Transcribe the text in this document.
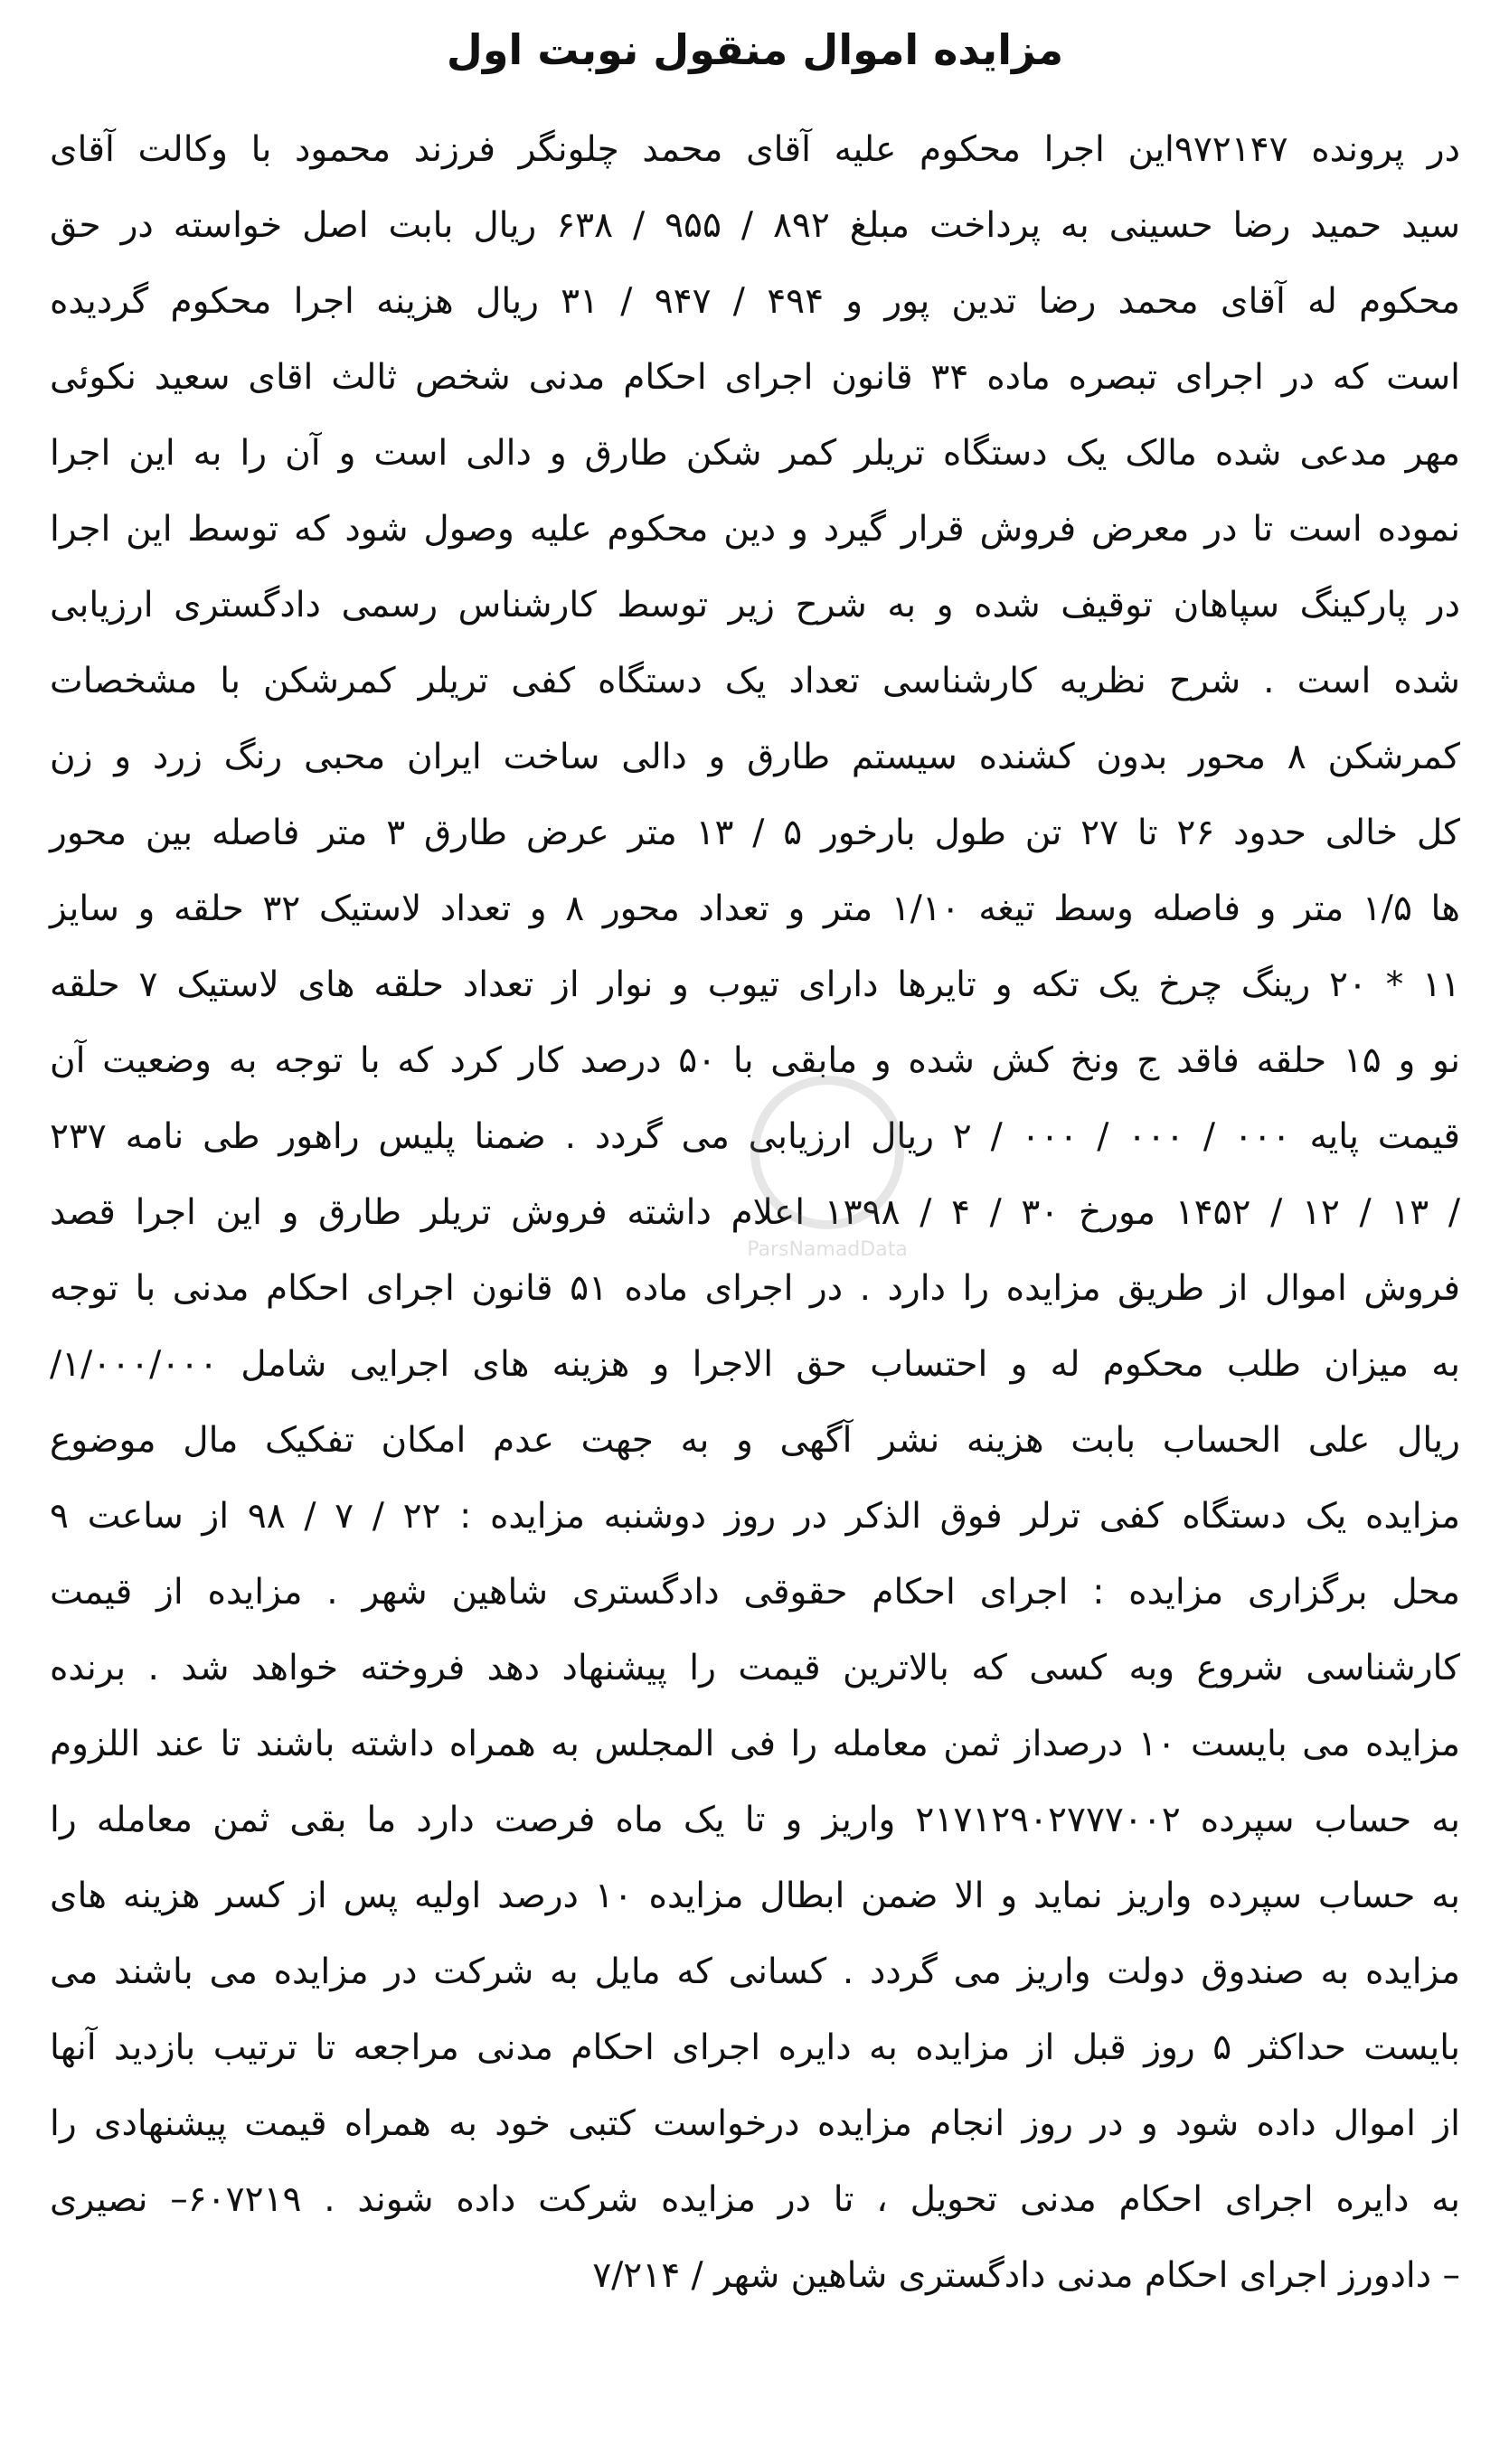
مزایده اموال منقول نوبت اول
در پرونده ۹۷۲۱۴۷این اجرا محکوم علیه آقای محمد چلونگر فرزند محمود با وکالت آقای
سید حمید رضا حسینی به پرداخت مبلغ ۸۹۲ / ۹۵۵ / ۶۳۸ ریال بابت اصل خواسته در حق
محکوم له آقای محمد رضا تدین پور و ۴۹۴ / ۹۴۷ / ۳۱ ریال هزینه اجرا محکوم گردیده
است که در اجرای تبصره ماده ۳۴ قانون اجرای احکام مدنی شخص ثالث اقای سعید نکوئی
مهر مدعی شده مالک یک دستگاه تریلر کمر شکن طارق و دالی است و آن را به این اجرا
نموده است تا در معرض فروش قرار گیرد و دین محکوم علیه وصول شود که توسط این اجرا
در پارکینگ سپاهان توقیف شده و به شرح زیر توسط کارشناس رسمی دادگستری ارزیابی
شده است . شرح نظریه کارشناسی تعداد یک دستگاه کفی تریلر کمرشکن با مشخصات
کمرشکن ۸ محور بدون کشنده سیستم طارق و دالی ساخت ایران محبی رنگ زرد و زن
کل خالی حدود ۲۶ تا ۲۷ تن طول بارخور ۵ / ۱۳ متر عرض طارق ۳ متر فاصله بین محور
ها ۱/۵ متر و فاصله وسط تیغه ۱/۱۰ متر و تعداد محور ۸ و تعداد لاستیک ۳۲ حلقه و سایز
۱۱ * ۲۰ رینگ چرخ یک تکه و تایرها دارای تیوب و نوار از تعداد حلقه های لاستیک ۷ حلقه
نو و ۱۵ حلقه فاقد ج ونخ کش شده و مابقی با ۵۰ درصد کار کرد که با توجه به وضعیت آن
قیمت پایه ۰۰۰ / ۰۰۰ / ۰۰۰ / ۲ ریال ارزیابی می گردد . ضمنا پلیس راهور طی نامه ۲۳۷
/ ۱۳ / ۱۲ / ۱۴۵۲ مورخ ۳۰ / ۴ / ۱۳۹۸ اعلام داشته فروش تریلر طارق و این اجرا قصد
فروش اموال از طریق مزایده را دارد . در اجرای ماده ۵۱ قانون اجرای احکام مدنی با توجه
به میزان طلب محکوم له و احتساب حق الاجرا و هزینه های اجرایی شامل ۱/۰۰۰/۰۰۰/
ریال علی الحساب بابت هزینه نشر آگهی و به جهت عدم امکان تفکیک مال موضوع
مزایده یک دستگاه کفی ترلر فوق الذکر در روز دوشنبه مزایده : ۲۲ / ۷ / ۹۸ از ساعت ۹
محل برگزاری مزایده : اجرای احکام حقوقی دادگستری شاهین شهر . مزایده از قیمت
کارشناسی شروع وبه کسی که بالاترین قیمت را پیشنهاد دهد فروخته خواهد شد . برنده
مزایده می بایست ۱۰ درصداز ثمن معامله را فی المجلس به همراه داشته باشند تا عند اللزوم
به حساب سپرده ۲۱۷۱۲۹۰۲۷۷۷۰۰۲ واریز و تا یک ماه فرصت دارد ما بقی ثمن معامله را
به حساب سپرده واریز نماید و الا ضمن ابطال مزایده ۱۰ درصد اولیه پس از کسر هزینه های
مزایده به صندوق دولت واریز می گردد . کسانی که مایل به شرکت در مزایده می باشند می
بایست حداکثر ۵ روز قبل از مزایده به دایره اجرای احکام مدنی مراجعه تا ترتیب بازدید آنها
از اموال داده شود و در روز انجام مزایده درخواست کتبی خود به همراه قیمت پیشنهادی را
به دایره اجرای احکام مدنی تحویل ، تا در مزایده شرکت داده شوند . ۶۰۷۲۱۹– نصیری
– دادورز اجرای احکام مدنی دادگستری شاهین شهر / ۷/۲۱۴
ParsNamadData
